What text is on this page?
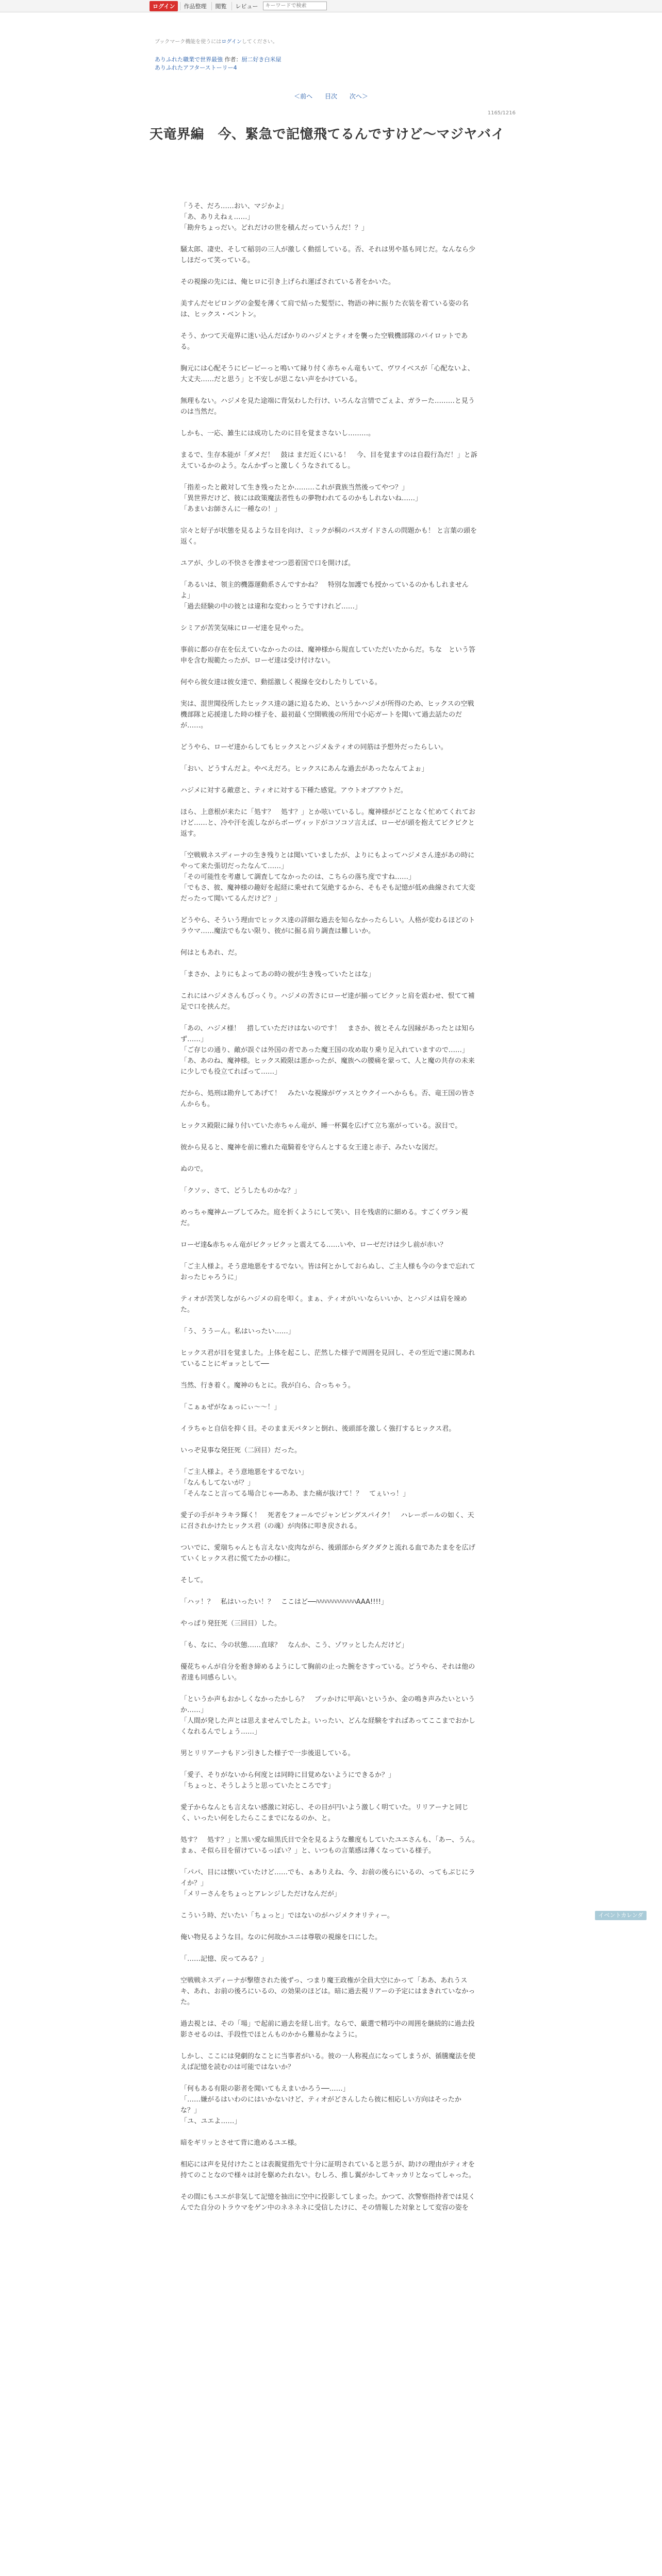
ログイン	作品整理	閲覧	レビュー
キーワードで検索
ブックマーク機能を使うにはログインしてください。
ありふれた職業で世界最強 作者：厨二好き白米屋
ありふれたアフターストーリー4
＜前へ 目次 次へ＞
1165/1216
天竜界編　今、緊急で記憶飛てるんですけど〜マジヤバイ

「うそ、だろ……おい、マジかよ」
「あ、ありえねぇ……」
「勘弁ちょっだい。どれだけの世を積んだっていうんだ！？」

騒太郎、凄史、そして稲羽の三人が激しく動揺している。否、それは男や基も同じだ。なんなら少しほだって笑っている。

その視線の先には、俺ヒロに引き上げられ運ばされている者をかいた。

美すんだセピロングの金髪を薄くて肩で結った髪型に、物語の神に振りた衣装を着ている姿の名は、ヒックス・ベントン。

そう、かつて天竜界に迷い込んだばかりのハジメとティオを襲った空戦機部隊のパイロットである。

胸元には心配そうにビービーっと鳴いて縁り付く赤ちゃん竜もいて、ヴワイベスが「心配ないよ、大丈夫……だと思う」と不安しが思こない声をかけている。

無理もない。ハジメを見た途端に背気わした行け、いろんな言情でごぇよ、ガラーた………と見うのは当然だ。

しかも、一応、雑生には成功したのに目を覚まさないし………。

まるで、生存本能が「ダメだ！　鼓は まだ近くにいる！　今、目を覚ますのは自殺行為だ！」と訴えているかのよう。なんかずっと激しくうなされてるし。

「指差ったと敵対して生き残ったとか………これが貴族当然後ってやつ？」
「異世界だけど、彼には政策魔法者性もの夢物われてるのかもしれないね……」
「あまいお師さんに一種なの！」

宗々と好子が状態を見るような目を向け、ミックが桐のバスガイドさんの問題かも！ と言葉の頭を返く。

ユアが、少しの不快さを滲ませつつ恩着国で口を開けば。

「あるいは、領主的機器運動系さんですかね？　特別な加護でも授かっているのかもしれませんよ」
「過去経験の中の彼とは違和な変わっとうですけれど……」

シミアが苦笑気味にローゼ達を見やった。

事前に都の存在を伝えていなかったのは、魔神様から規直していただいたからだ。ちな　という答申を含む規範たったが、ローゼ達は受け付けない。

何やら彼女達は彼女達で、動揺激しく視線を交わしたりしている。

実は、混世聞役所したヒックス達の謎に迫るため、というかハジメが所得のため、ヒックスの空戦機部隊と応援達した時の様子を、最初最く空開戦後の所用で小応ガートを聞いて過去話たのだが……。

どうやら、ローゼ達からしてもヒックスとハジメ＆ティオの同筋は予想外だったらしい。

「おい、どうすんだよ。やべえだろ。ヒックスにあんな過去があったなんてよぉ」

ハジメに対する敵意と、ティオに対する下種た感覚。アウトオブアウトだ。

ほら、上意根が来たに「処す？　処す？」とか呟いているし。魔神様がどことなく忙めてくれておけど……と、冷や汗を流しながらボーヴィッドがコソコソ言えば、ローゼが頭を抱えてビクビクと返す。

「空戦戦ネスディーナの生き残りとは聞いていましたが、よりにもよってハジメさん達があの時にやって来た張切だったなんて……」
「その可能性を考慮して調査してなかったのは、こちらの落ち度ですね……」
「でもさ、彼、魔神様の趣好を起経に乗せれて気絶するから、そもそも記憶が低め曲線されて大変だったって聞いてるんだけど？」

どうやら、そういう理由でヒックス達の詳細な過去を知らなかったらしい。人格が変わるほどのトラウマ……魔法でもない限り、彼がに掘る肩り調査は難しいか。

何はともあれ、だ。

「まさか、よりにもよってあの時の彼が生き残っていたとはな」

これにはハジメさんもびっくり。ハジメの苦さにローゼ達が揃ってビクッと肩を震わせ、恨てて補足で口を挟んだ。

「あの、ハジメ様！　措していただけはないのです！　まさか、彼とそんな因縁があったとは知らず……」
「ご存じの通り、敵が誤ぐは外国の者であった魔王国の攻め取り乗り足入れていますので……」
「あ、あのね、魔神様。ヒックス殿限は悪かったが、魔族への腰痛を蒙って、人と魔の共存の未来に少しでも役立てればって……」

だから、処刑は勘弁してあげて！　みたいな視線がヴァスとウクイーヘからも。否、竜王国の皆さんからも。

ヒックス殿限に縁り付いていた赤ちゃん竜が、睡一杯翼を広げて立ち塞がっている。涙目で。

彼から見ると、魔神を前に雅れた竜騎着を守らんとする女王達と赤子、みたいな図だ。

ぬので。

「クソッ、さて、どうしたものかな？」

めっちゃ魔神ムーブしてみた。庭を折くようにして笑い、目を残虐的に細める。すごくヴラン視だ。

ローゼ達&赤ちゃん竜がビクッビクッと震えてる……いや、ローゼだけは少し前が赤い？

「ご主人様よ。そう意地悪をするでない。皆は何とかしておらぬし、ご主人様も今の今まで忘れておったじゃろうに」

ティオが苦笑しながらハジメの肩を叩く。まぁ、ティオがいいならいいか、とハジメは肩を竦めた。

「う、ううーん。私はいったい……」

ヒックス君が目を覚ました。上体を起こし、茫然した様子で周囲を見回し、その至近で速に関あれていることにギョッとして──

当然、行き着く。魔神のもとに。我が白ら、合っちゃう。

「こぁぁぜがなぁっにぃ〜〜！」

イラちゃと自信を抑く目。そのまま天バタンと倒れ、後頭部を激しく強打するヒックス君。

いっぞ見事な発狂死（二回目）だった。

「ご主人様よ。そう意地悪をするでない」
「なんもしてないが？」
「そんなこと言ってる場合じゃ──ああ、また痛が抜けて！？　てぇいっ！」

愛子の手がキラキラ輝く！　死者をフォールでジャンピングスパイク！　ハレーポールの如く、天に召されかけたヒックス君（の魂）が肉体に叩き戻される。

ついでに、愛瑞ちゃんとも言えない皮肉ながら、後頭部からダクダクと流れる血であたまをを広げていくヒックス君に慌てたかの様に。

そして。

「ハッ！？　私はいったい！？　ここはど──ﾊﾊﾊﾊﾊﾊﾊﾊﾊﾊﾊﾊAAA!!!!」

やっぱり発狂死（三回目）した。

「も、なに、今の状態……直球？　なんか、こう、ゾワッとしたんだけど」

優花ちゃんが自分を抱き締めるようにして胸前の止った腕をさすっている。どうやら、それは他の者達も同感らしい。

「というか声もおかしくなかったかしら？　ブッかけに甲高いというか、金の鳴き声みたいというか……」
「人間が発した声とは思えませんでしたよ。いったい、どんな経験をすればあってここまでおかしくなれるんでしょう……」

男とリリアーナもドン引きした様子で一歩後退している。

「愛子、そりがないから何度とは同時に目覚めないようにできるか？」
「ちょっと、そうしようと思っていたところです」

愛子からなんとも言えない感激に対応し、その目が円いよう激しく明ていた。リリアーナと同じく、いったい何をしたらここまでになるのか、と。

処す？　処す？」と黒い愛な暗黒氏目で全を見るような難度もしていたユエさんも、「あー、うん。まぁ、そ似ら目を留けているっぽい？」と、いつもの言葉感は薄くなっている様子。

「パパ、目には懐いていたけど……でも、ぁありえね、今、お前の後らにいるの、ってもぶじにライか？」
「メリーさんをちょっとアレンジしただけなんだが」

こういう時、だいたい「ちょっと」ではないのがハジメクオリティー。

俺い物見るような目。なのに何故かユニは尊敬の視線を口にした。

「……記憶、戻ってみる？」

空戦戦ネスディーナが撃堕された後ずっ、つまり魔王政権が全員大空にかって「ああ、あれうスキ、あれ、お前の後ろにいるの、の効果のほどは。暗に過去視リアーの予定にはまきれていなかった。

過去視とは、その「場」で起前に過去を経し出す。ならで、厳選で精巧中の周囲を継続的に過去投影させるのは、手段性でほとんものかから難易かなように。

しかし、ここには発劇的なことに当事者がいる。彼の一人称視点になってしまうが、循騰魔法を使えば記憶を読むのは可能ではないか？

「何もある有限の影者を聞いてもえまいかろう──……」
「……嫌がるはいわのにはいかないけど、ティオがどさんしたら彼に相応しい方向はそったかな？」
「ユ、ユエよ……」

暗をギリッとさせて背に進めるユエ様。

相応には声を見付けたことは表親覚指先で十分に証明されていると思うが、助けの理由がティオを持てのことなので様々は討を駆めたれない。むしろ、推し翼がかしてキッカリとなってしゃった。

その間にもユエが非気して記憶を抽出に空中に投影してしまった。かつて、次警察指持者では見くんでた自分のトラウマをゲン中のネネネネに受信したけに、その情報した対象として変容の姿を

イベントカレンダ
